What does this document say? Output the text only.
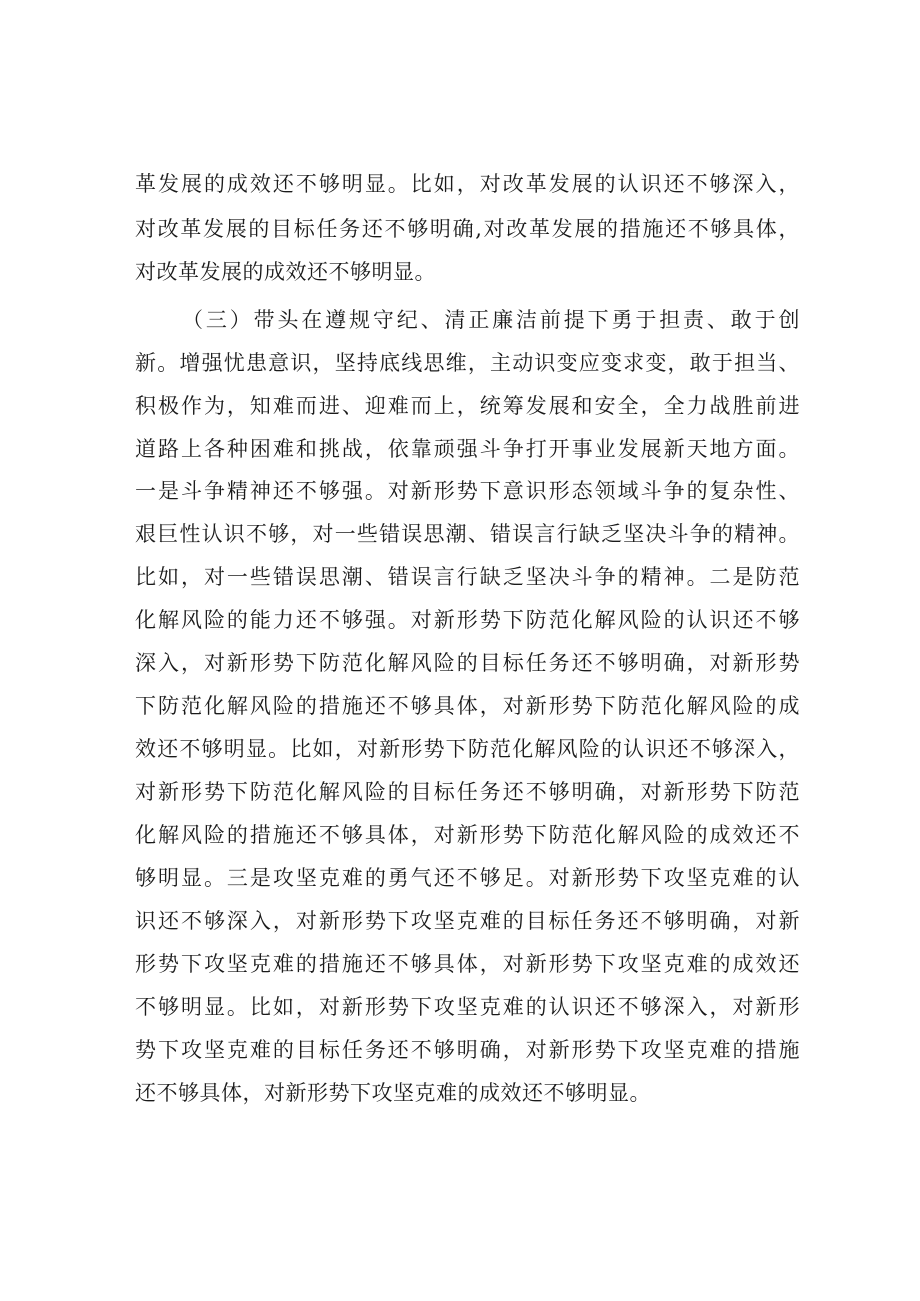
革发展的成效还不够明显。比如，对改革发展的认识还不够深入，
对改革发展的目标任务还不够明确,对改革发展的措施还不够具体，
对改革发展的成效还不够明显。
（三）带头在遵规守纪、清正廉洁前提下勇于担责、敢于创
新。增强忧患意识，坚持底线思维，主动识变应变求变，敢于担当、
积极作为，知难而进、迎难而上，统筹发展和安全，全力战胜前进
道路上各种困难和挑战，依靠顽强斗争打开事业发展新天地方面。
一是斗争精神还不够强。对新形势下意识形态领域斗争的复杂性、
艰巨性认识不够，对一些错误思潮、错误言行缺乏坚决斗争的精神。
比如，对一些错误思潮、错误言行缺乏坚决斗争的精神。二是防范
化解风险的能力还不够强。对新形势下防范化解风险的认识还不够
深入，对新形势下防范化解风险的目标任务还不够明确，对新形势
下防范化解风险的措施还不够具体，对新形势下防范化解风险的成
效还不够明显。比如，对新形势下防范化解风险的认识还不够深入，
对新形势下防范化解风险的目标任务还不够明确，对新形势下防范
化解风险的措施还不够具体，对新形势下防范化解风险的成效还不
够明显。三是攻坚克难的勇气还不够足。对新形势下攻坚克难的认
识还不够深入，对新形势下攻坚克难的目标任务还不够明确，对新
形势下攻坚克难的措施还不够具体，对新形势下攻坚克难的成效还
不够明显。比如，对新形势下攻坚克难的认识还不够深入，对新形
势下攻坚克难的目标任务还不够明确，对新形势下攻坚克难的措施
还不够具体，对新形势下攻坚克难的成效还不够明显。
